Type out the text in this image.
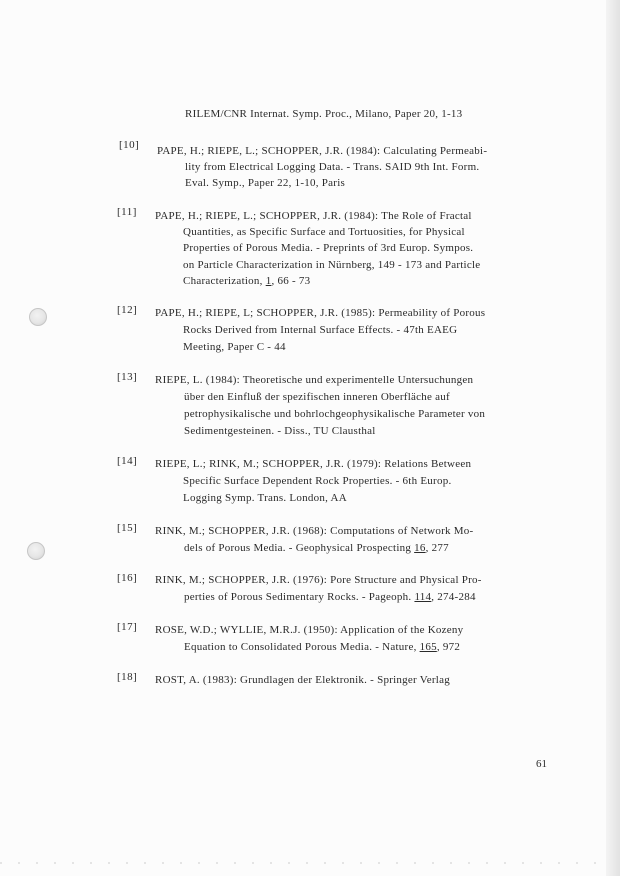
RILEM/CNR Internat. Symp. Proc., Milano, Paper 20, 1-13
[10] PAPE, H.; RIEPE, L.; SCHOPPER, J.R. (1984): Calculating Permeabi-
lity from Electrical Logging Data. - Trans. SAID 9th Int. Form.
Eval. Symp., Paper 22, 1-10, Paris
[11] PAPE, H.; RIEPE, L.; SCHOPPER, J.R. (1984): The Role of Fractal
Quantities, as Specific Surface and Tortuosities, for Physical
Properties of Porous Media. - Preprints of 3rd Europ. Sympos.
on Particle Characterization in Nürnberg, 149 - 173 and Particle
Characterization, 1, 66 - 73
[12] PAPE, H.; RIEPE, L; SCHOPPER, J.R. (1985): Permeability of Porous
Rocks Derived from Internal Surface Effects. - 47th EAEG
Meeting, Paper C - 44
[13] RIEPE, L. (1984): Theoretische und experimentelle Untersuchungen
über den Einfluß der spezifischen inneren Oberfläche auf
petrophysikalische und bohrlochgeophysikalische Parameter von
Sedimentgesteinen. - Diss., TU Clausthal
[14] RIEPE, L.; RINK, M.; SCHOPPER, J.R. (1979): Relations Between
Specific Surface Dependent Rock Properties. - 6th Europ.
Logging Symp. Trans. London, AA
[15] RINK, M.; SCHOPPER, J.R. (1968): Computations of Network Mo-
dels of Porous Media. - Geophysical Prospecting 16, 277
[16] RINK, M.; SCHOPPER, J.R. (1976): Pore Structure and Physical Pro-
perties of Porous Sedimentary Rocks. - Pageoph. 114, 274-284
[17] ROSE, W.D.; WYLLIE, M.R.J. (1950): Application of the Kozeny
Equation to Consolidated Porous Media. - Nature, 165, 972
[18] ROST, A. (1983): Grundlagen der Elektronik. - Springer Verlag
61
